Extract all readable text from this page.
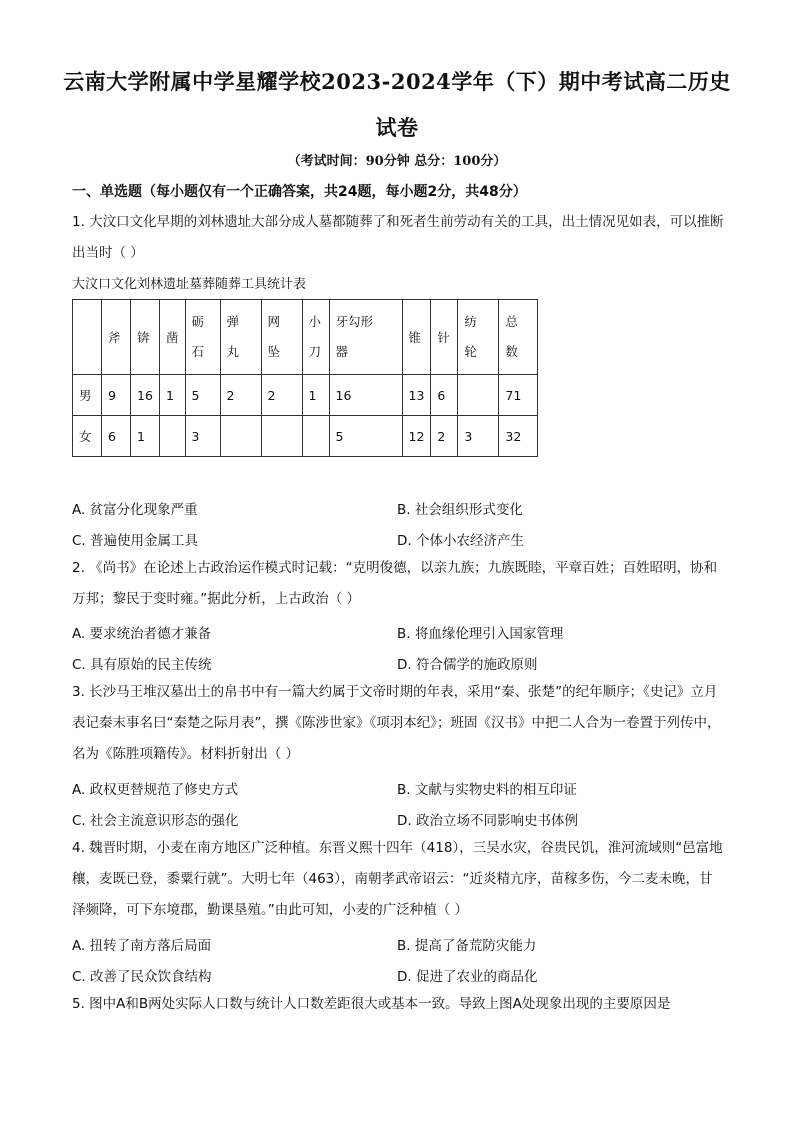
云南大学附属中学星耀学校2023-2024学年（下）期中考试高二历史
试卷
（考试时间：90分钟 总分：100分）
一、单选题（每小题仅有一个正确答案，共24题，每小题2分，共48分）
1. 大汶口文化早期的刘林遗址大部分成人墓都随葬了和死者生前劳动有关的工具，出土情况见如表，可以推断出当时（ ）
大汶口文化刘林遗址墓葬随葬工具统计表
	斧	锛	凿	砺石	弹丸	网坠	小刀	牙勾形器	锥	针	纺轮	总数

男	9	16	1	5	2	2	1	16	13	6		71
女	6	1		3				5	12	2	3	32
A. 贫富分化现象严重	B. 社会组织形式变化
C. 普遍使用金属工具	D. 个体小农经济产生
2. 《尚书》在论述上古政治运作模式时记载：“克明俊德，以亲九族；九族既睦，平章百姓；百姓昭明，协和万邦；黎民于变时雍。”据此分析，上古政治（ ）
A. 要求统治者德才兼备	B. 将血缘伦理引入国家管理
C. 具有原始的民主传统	D. 符合儒学的施政原则
3. 长沙马王堆汉墓出土的帛书中有一篇大约属于文帝时期的年表，采用“秦、张楚”的纪年顺序；《史记》立月表记秦末事名曰“秦楚之际月表”，撰《陈涉世家》《项羽本纪》；班固《汉书》中把二人合为一卷置于列传中，名为《陈胜项籍传》。材料折射出（ ）
A. 政权更替规范了修史方式	B. 文献与实物史料的相互印证
C. 社会主流意识形态的强化	D. 政治立场不同影响史书体例
4. 魏晋时期，小麦在南方地区广泛种植。东晋义熙十四年（418），三吴水灾，谷贵民饥，淮河流域则“邑富地穰，麦既已登，黍粟行就”。大明七年（463），南朝孝武帝诏云：“近炎精亢序，苗稼多伤，今二麦未晚，甘泽频降，可下东境郡，勤课垦殖。”由此可知，小麦的广泛种植（ ）
A. 扭转了南方落后局面	B. 提高了备荒防灾能力
C. 改善了民众饮食结构	D. 促进了农业的商品化
5. 图中A和B两处实际人口数与统计人口数差距很大或基本一致。导致上图A处现象出现的主要原因是
